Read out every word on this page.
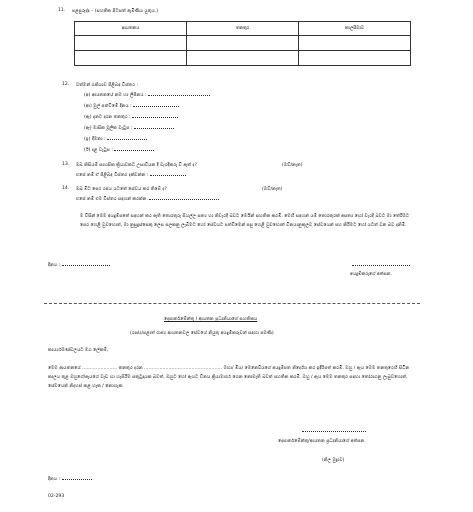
11. පළපුරුද්ද – (සහතික පිටපත් ඇමිණිය යුතුය.)
ආයතනය	තනතුර	කාලසීමාව

12. වත්මන් රැකියාව පිළිබඳ විස්තර :
(අ) ආයතනයේ නම හා ලිපිනය :
(ආ) මුල් පත්වීමේ දිනය :
(ඇ) දැනට දරන තනතුර :
(ඈ) මාසික මූලික වැටුප :
(ඉ) දීමනා :
(ඊ) දළ වැටුප :
13. ඔබ කිසියම් සාහසික ක්‍රියාවකට උසාවියක දී වැරදිකරු වී ඇත් ද?	(ඔව්/නැත)
එසේ නම් ඒ පිළිබඳ විස්තර දක්වන්න :
14. ඔබ මීට පෙර රජය යටතේ සේවය කර තිබේ ද?	(ඔව්/නැත)
එසේ නම් එම විස්තර සඳහන් කරන්න.
ම විසින් මෙම අයදුම්පතේ සඳහන් කර ඇති තොරතුරු සියල්ල සත්‍ය හා නිවැරදි බවට මෙයින් සහතික කරමි. මෙහි සඳහන් යම් තොරතුරක් අසත්‍ය හෝ වැරදි බවට මා තේරීමට පෙර හෙළි වුවහොත්, මා නුසුදුස්සෙකු ලෙස සලකනු ලැබීමට හෝ සේවයට පත්වීමෙන් පසු හෙළි වුවහොත් විනයානුකූලව සේවයෙන් පහ කිරීමට හෝ යටත් වන බව දනිමි.
දිනය :
අයදුම්කරුගේ අත්සන.
දෙපාර්තමේන්තු / ආයතන ප්‍රධානියාගේ සහතිකය
(රාජ්‍ය/පළාත් රාජ්‍ය ආයතනවල සේවයේ නියුතු අයදුම්කරුවන් සඳහා පමණි)
කාර්ය්‍යමණ්ඩලයට මග ලේකම්,
මෙම ආයතනයේ ………………….. තනතුර දරන …………………………………………… මහා/ මිය/ මෙනෙවියගේ අයදුම්පත නිර්දේශ කර ඉදිරිපත් කරමි. ඔහු / ඇය මෙම තනතුරෙහි සිටින කාලය තුළ ඔහුගේ/ඇයගේ වැඩ හා හැසිරීම සතුටුදායක බවත්, ඔහුට හෝ ඇයට විනය ක්‍රියාමාර්ග ගෙන නොමැති බවත් සහතික කරමි. ඔහු / ඇය මෙම තනතුර සඳහා තෝරාගනු ලැබුවහොත්, සේවයෙන් නිදහස් කළ හැක / නොහැක.
දෙපාර්තමේන්තු/ආයතන ප්‍රධානියාගේ අත්සන.
(නිල මුද්‍රාව)
දිනය :
02-293
